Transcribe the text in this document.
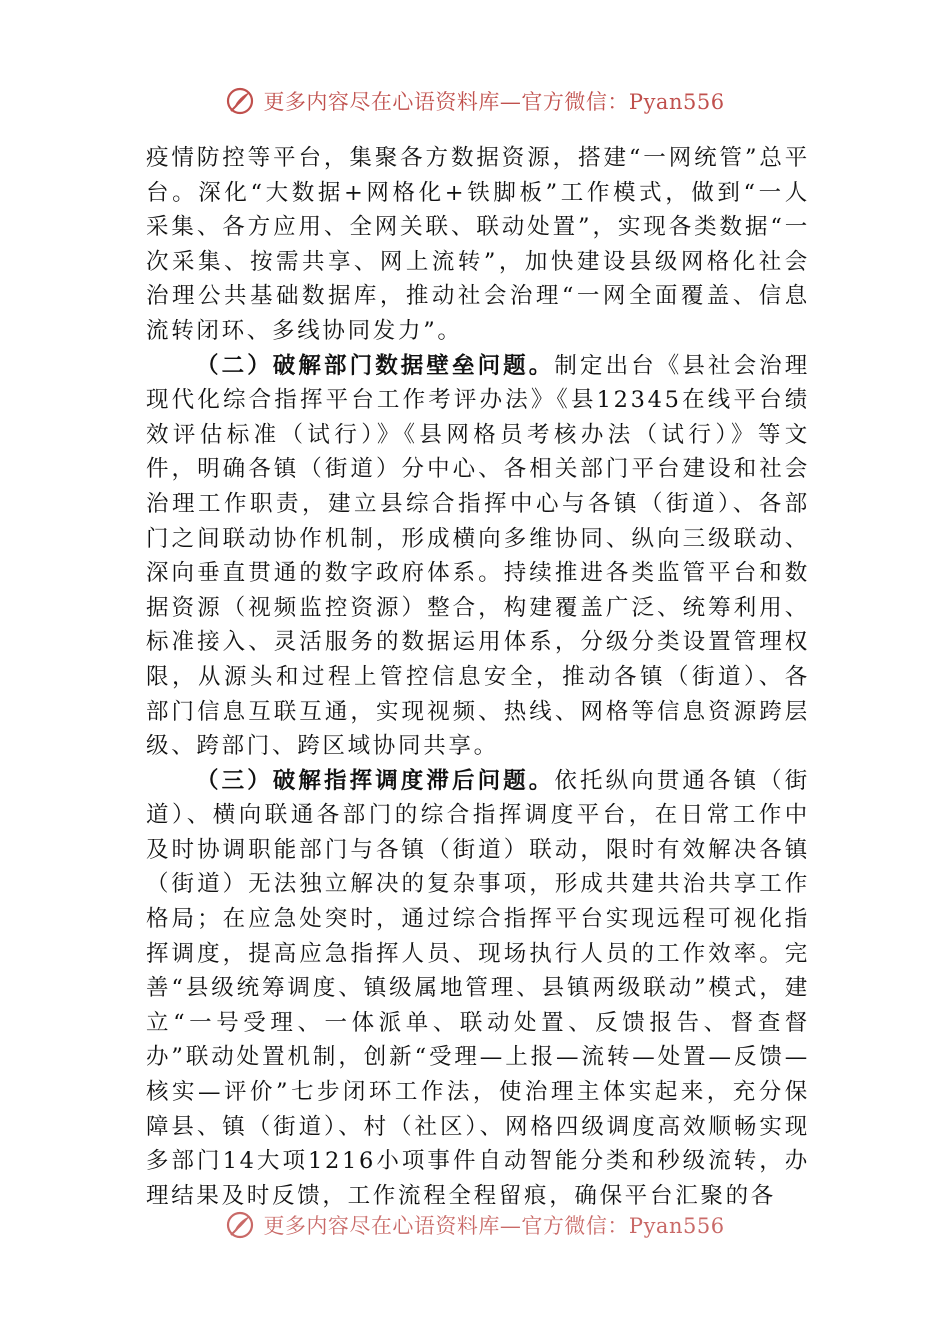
更多内容尽在心语资料库—官方微信：Pyan556

疫情防控等平台，集聚各方数据资源，搭建“一网统管”总平台。深化“大数据+网格化+铁脚板”工作模式，做到“一人采集、各方应用、全网关联、联动处置”，实现各类数据“一次采集、按需共享、网上流转”，加快建设县级网格化社会治理公共基础数据库，推动社会治理“一网全面覆盖、信息流转闭环、多线协同发力”。

（二）破解部门数据壁垒问题。制定出台《县社会治理现代化综合指挥平台工作考评办法》《县12345在线平台绩效评估标准（试行）》《县网格员考核办法（试行）》等文件，明确各镇（街道）分中心、各相关部门平台建设和社会治理工作职责，建立县综合指挥中心与各镇（街道）、各部门之间联动协作机制，形成横向多维协同、纵向三级联动、深向垂直贯通的数字政府体系。持续推进各类监管平台和数据资源（视频监控资源）整合，构建覆盖广泛、统筹利用、标准接入、灵活服务的数据运用体系，分级分类设置管理权限，从源头和过程上管控信息安全，推动各镇（街道）、各部门信息互联互通，实现视频、热线、网格等信息资源跨层级、跨部门、跨区域协同共享。

（三）破解指挥调度滞后问题。依托纵向贯通各镇（街道）、横向联通各部门的综合指挥调度平台，在日常工作中及时协调职能部门与各镇（街道）联动，限时有效解决各镇（街道）无法独立解决的复杂事项，形成共建共治共享工作格局；在应急处突时，通过综合指挥平台实现远程可视化指挥调度，提高应急指挥人员、现场执行人员的工作效率。完善“县级统筹调度、镇级属地管理、县镇两级联动”模式，建立“一号受理、一体派单、联动处置、反馈报告、督查督办”联动处置机制，创新“受理—上报—流转—处置—反馈—核实—评价”七步闭环工作法，使治理主体实起来，充分保障县、镇（街道）、村（社区）、网格四级调度高效顺畅实现多部门14大项1216小项事件自动智能分类和秒级流转，办理结果及时反馈，工作流程全程留痕，确保平台汇聚的各

更多内容尽在心语资料库—官方微信：Pyan556
